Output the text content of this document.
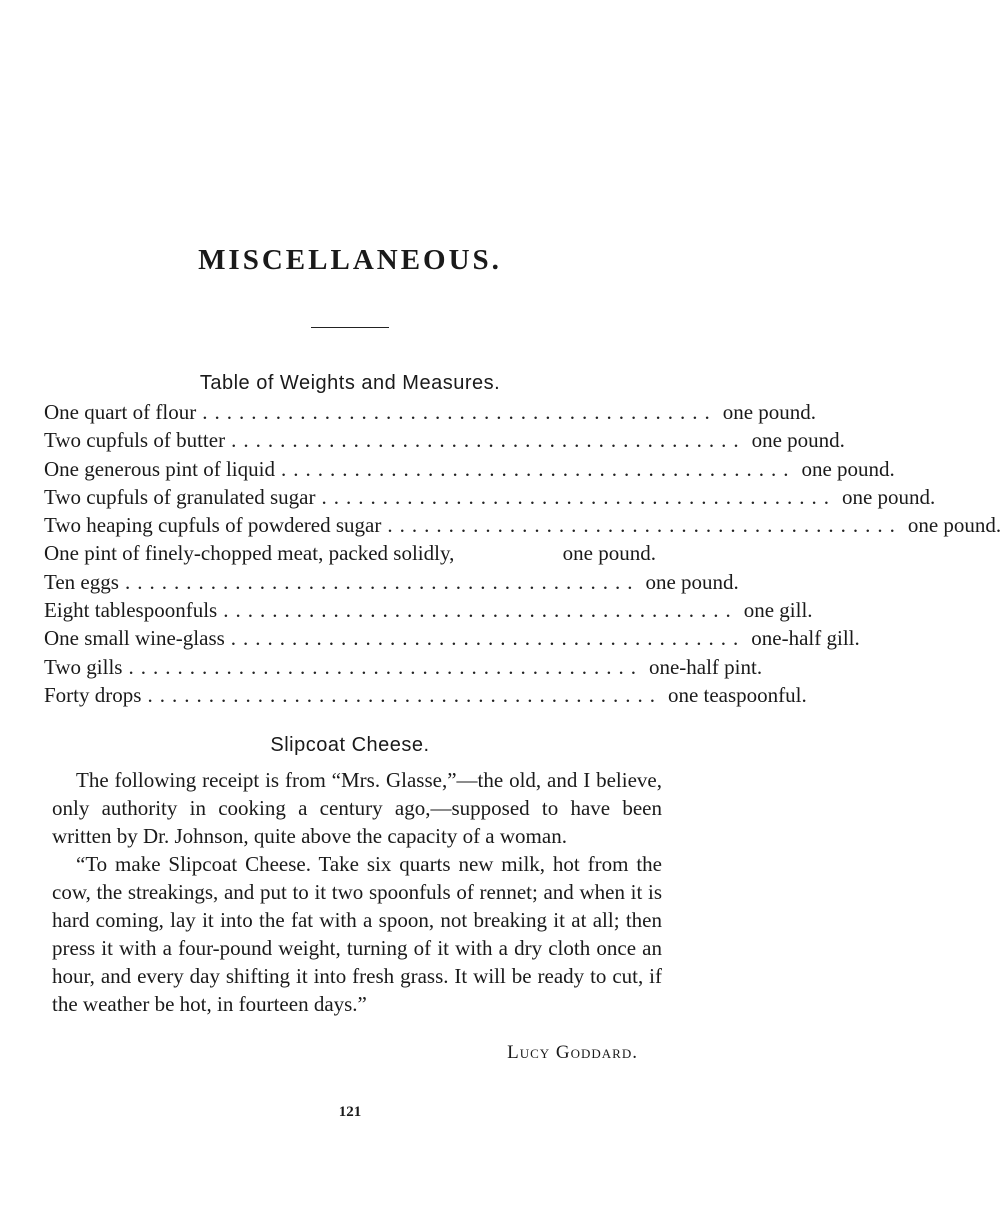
MISCELLANEOUS.
Table of Weights and Measures.
One quart of flour .......................................... one pound.
Two cupfuls of butter .......................................... one pound.
One generous pint of liquid .......................................... one pound.
Two cupfuls of granulated sugar .......................................... one pound.
Two heaping cupfuls of powdered sugar .......................................... one pound.
One pint of finely-chopped meat, packed solidly,	one pound.
Ten eggs .......................................... one pound.
Eight tablespoonfuls .......................................... one gill.
One small wine-glass .......................................... one-half gill.
Two gills .......................................... one-half pint.
Forty drops .......................................... one teaspoonful.
Slipcoat Cheese.

The following receipt is from “Mrs. Glasse,”—the old, and I believe, only authority in cooking a century ago,—supposed to have been written by Dr. Johnson, quite above the capacity of a woman.

“To make Slipcoat Cheese. Take six quarts new milk, hot from the cow, the streakings, and put to it two spoonfuls of rennet; and when it is hard coming, lay it into the fat with a spoon, not breaking it at all; then press it with a four-pound weight, turning of it with a dry cloth once an hour, and every day shifting it into fresh grass. It will be ready to cut, if the weather be hot, in fourteen days.”

Lucy Goddard.
121
